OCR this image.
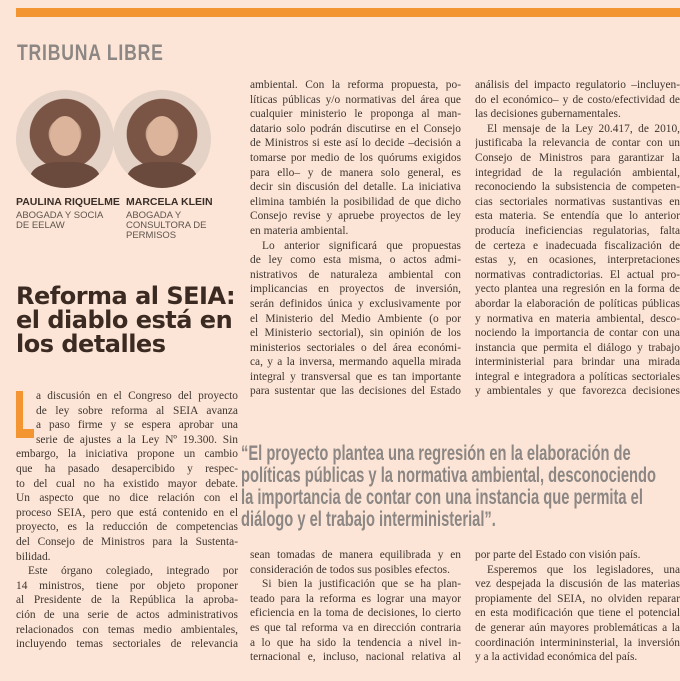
TRIBUNA LIBRE
PAULINA RIQUELME
ABOGADA Y SOCIA DE EELAW
MARCELA KLEIN
ABOGADA Y CONSULTORA DE PERMISOS
Reforma al SEIA:
el diablo está en
los detalles
a discusión en el Congreso del proyecto
de ley sobre reforma al SEIA avanza
a paso firme y se espera aprobar una
serie de ajustes a la Ley Nº 19.300. Sin
embargo, la iniciativa propone un cambio
que ha pasado desapercibido y respec-
to del cual no ha existido mayor debate.
Un aspecto que no dice relación con el
proceso SEIA, pero que está contenido en el
proyecto, es la reducción de competencias
del Consejo de Ministros para la Sustenta-
bilidad.
Este órgano colegiado, integrado por
14 ministros, tiene por objeto proponer
al Presidente de la República la aproba-
ción de una serie de actos administrativos
relacionados con temas medio ambientales,
incluyendo temas sectoriales de relevancia
ambiental. Con la reforma propuesta, po-
líticas públicas y/o normativas del área que
cualquier ministerio le proponga al man-
datario solo podrán discutirse en el Consejo
de Ministros si este así lo decide –decisión a
tomarse por medio de los quórums exigidos
para ello– y de manera solo general, es
decir sin discusión del detalle. La iniciativa
elimina también la posibilidad de que dicho
Consejo revise y apruebe proyectos de ley
en materia ambiental.
Lo anterior significará que propuestas
de ley como esta misma, o actos admi-
nistrativos de naturaleza ambiental con
implicancias en proyectos de inversión,
serán definidos única y exclusivamente por
el Ministerio del Medio Ambiente (o por
el Ministerio sectorial), sin opinión de los
ministerios sectoriales o del área económi-
ca, y a la inversa, mermando aquella mirada
integral y transversal que es tan importante
para sustentar que las decisiones del Estado
análisis del impacto regulatorio –incluyen-
do el económico– y de costo/efectividad de
las decisiones gubernamentales.
El mensaje de la Ley 20.417, de 2010,
justificaba la relevancia de contar con un
Consejo de Ministros para garantizar la
integridad de la regulación ambiental,
reconociendo la subsistencia de competen-
cias sectoriales normativas sustantivas en
esta materia. Se entendía que lo anterior
producía ineficiencias regulatorias, falta
de certeza e inadecuada fiscalización de
estas y, en ocasiones, interpretaciones
normativas contradictorias. El actual pro-
yecto plantea una regresión en la forma de
abordar la elaboración de políticas públicas
y normativa en materia ambiental, desco-
nociendo la importancia de contar con una
instancia que permita el diálogo y trabajo
interministerial para brindar una mirada
integral e integradora a políticas sectoriales
y ambientales y que favorezca decisiones
“El proyecto plantea una regresión en la elaboración de
políticas públicas y la normativa ambiental, desconociendo
la importancia de contar con una instancia que permita el
diálogo y el trabajo interministerial”.
sean tomadas de manera equilibrada y en
consideración de todos sus posibles efectos.
Si bien la justificación que se ha plan-
teado para la reforma es lograr una mayor
eficiencia en la toma de decisiones, lo cierto
es que tal reforma va en dirección contraria
a lo que ha sido la tendencia a nivel in-
ternacional e, incluso, nacional relativa al
por parte del Estado con visión país.
Esperemos que los legisladores, una
vez despejada la discusión de las materias
propiamente del SEIA, no olviden reparar
en esta modificación que tiene el potencial
de generar aún mayores problemáticas a la
coordinación intermininsterial, la inversión
y a la actividad económica del país.
